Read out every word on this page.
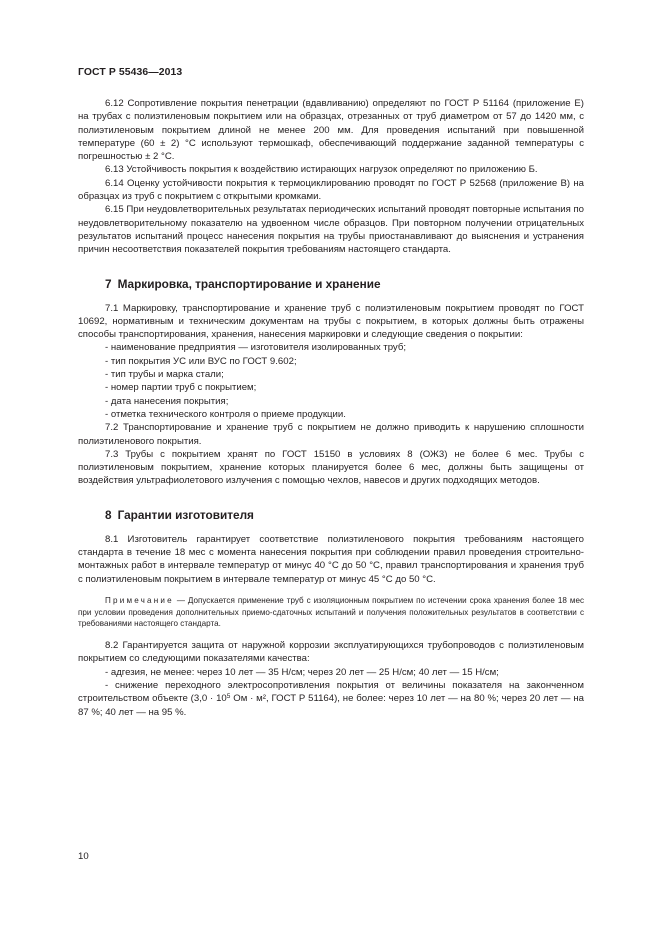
ГОСТ Р 55436—2013

6.12 Сопротивление покрытия пенетрации (вдавливанию) определяют по ГОСТ Р 51164 (приложение Е) на трубах с полиэтиленовым покрытием или на образцах, отрезанных от труб диаметром от 57 до 1420 мм, с полиэтиленовым покрытием длиной не менее 200 мм. Для проведения испытаний при повышенной температуре (60 ± 2) °С используют термошкаф, обеспечивающий поддержание заданной температуры с погрешностью ± 2 °С.

6.13 Устойчивость покрытия к воздействию истирающих нагрузок определяют по приложению Б.

6.14 Оценку устойчивости покрытия к термоциклированию проводят по ГОСТ Р 52568 (приложение В) на образцах из труб с покрытием с открытыми кромками.

6.15 При неудовлетворительных результатах периодических испытаний проводят повторные испытания по неудовлетворительному показателю на удвоенном числе образцов. При повторном получении отрицательных результатов испытаний процесс нанесения покрытия на трубы приостанавливают до выяснения и устранения причин несоответствия показателей покрытия требованиям настоящего стандарта.

7 Маркировка, транспортирование и хранение

7.1 Маркировку, транспортирование и хранение труб с полиэтиленовым покрытием проводят по ГОСТ 10692, нормативным и техническим документам на трубы с покрытием, в которых должны быть отражены способы транспортирования, хранения, нанесения маркировки и следующие сведения о покрытии:

- наименование предприятия — изготовителя изолированных труб;

- тип покрытия УС или ВУС по ГОСТ 9.602;

- тип трубы и марка стали;

- номер партии труб с покрытием;

- дата нанесения покрытия;

- отметка технического контроля о приеме продукции.

7.2 Транспортирование и хранение труб с покрытием не должно приводить к нарушению сплошности полиэтиленового покрытия.

7.3 Трубы с покрытием хранят по ГОСТ 15150 в условиях 8 (ОЖ3) не более 6 мес. Трубы с полиэтиленовым покрытием, хранение которых планируется более 6 мес, должны быть защищены от воздействия ультрафиолетового излучения с помощью чехлов, навесов и других подходящих методов.

8 Гарантии изготовителя

8.1 Изготовитель гарантирует соответствие полиэтиленового покрытия требованиям настоящего стандарта в течение 18 мес с момента нанесения покрытия при соблюдении правил проведения строительно-монтажных работ в интервале температур от минус 40 °С до 50 °С, правил транспортирования и хранения труб с полиэтиленовым покрытием в интервале температур от минус 45 °С до 50 °С.

Примечание — Допускается применение труб с изоляционным покрытием по истечении срока хранения более 18 мес при условии проведения дополнительных приемо-сдаточных испытаний и получения положительных результатов в соответствии с требованиями настоящего стандарта.

8.2 Гарантируется защита от наружной коррозии эксплуатирующихся трубопроводов с полиэтиленовым покрытием со следующими показателями качества:

- адгезия, не менее: через 10 лет — 35 Н/см; через 20 лет — 25 Н/см; 40 лет — 15 Н/см;

- снижение переходного электросопротивления покрытия от величины показателя на законченном строительством объекте ($3,0 \cdot 10^5$ Ом · м², ГОСТ Р 51164), не более: через 10 лет — на 80 %; через 20 лет — на 87 %; 40 лет — на 95 %.

10
